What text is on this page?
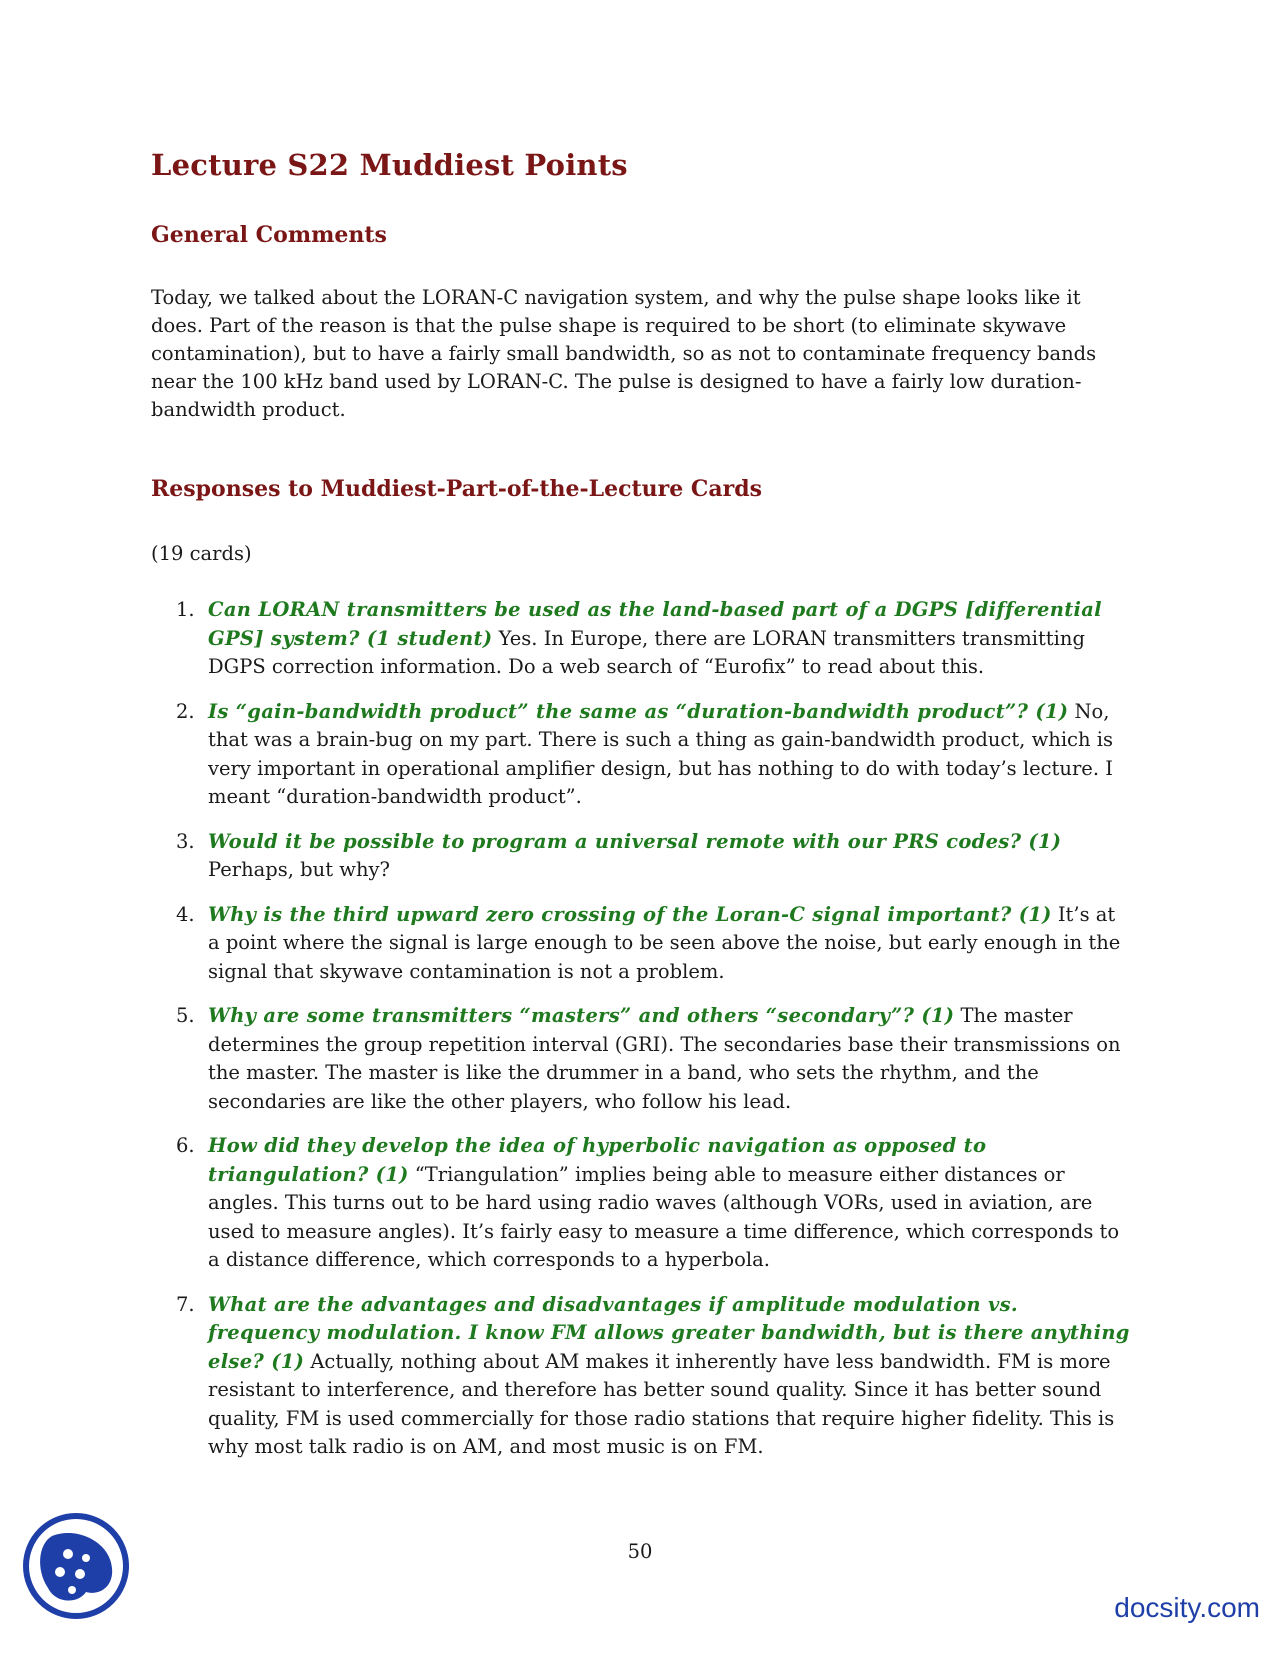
Lecture S22 Muddiest Points
General Comments

Today, we talked about the LORAN-C navigation system, and why the pulse shape looks like it does. Part of the reason is that the pulse shape is required to be short (to eliminate skywave contamination), but to have a fairly small bandwidth, so as not to contaminate frequency bands near the 100 kHz band used by LORAN-C. The pulse is designed to have a fairly low duration-bandwidth product.

Responses to Muddiest-Part-of-the-Lecture Cards

(19 cards)

1. Can LORAN transmitters be used as the land-based part of a DGPS [differential GPS] system? (1 student) Yes. In Europe, there are LORAN transmitters transmitting DGPS correction information. Do a web search of “Eurofix” to read about this.
2. Is “gain-bandwidth product” the same as “duration-bandwidth product”? (1) No, that was a brain-bug on my part. There is such a thing as gain-bandwidth product, which is very important in operational amplifier design, but has nothing to do with today’s lecture. I meant “duration-bandwidth product”.
3. Would it be possible to program a universal remote with our PRS codes? (1) Perhaps, but why?
4. Why is the third upward zero crossing of the Loran-C signal important? (1) It’s at a point where the signal is large enough to be seen above the noise, but early enough in the signal that skywave contamination is not a problem.
5. Why are some transmitters “masters” and others “secondary”? (1) The master determines the group repetition interval (GRI). The secondaries base their transmissions on the master. The master is like the drummer in a band, who sets the rhythm, and the secondaries are like the other players, who follow his lead.
6. How did they develop the idea of hyperbolic navigation as opposed to triangulation? (1) “Triangulation” implies being able to measure either distances or angles. This turns out to be hard using radio waves (although VORs, used in aviation, are used to measure angles). It’s fairly easy to measure a time difference, which corresponds to a distance difference, which corresponds to a hyperbola.
7. What are the advantages and disadvantages if amplitude modulation vs. frequency modulation. I know FM allows greater bandwidth, but is there anything else? (1) Actually, nothing about AM makes it inherently have less bandwidth. FM is more resistant to interference, and therefore has better sound quality. Since it has better sound quality, FM is used commercially for those radio stations that require higher fidelity. This is why most talk radio is on AM, and most music is on FM.
50
docsity.com
